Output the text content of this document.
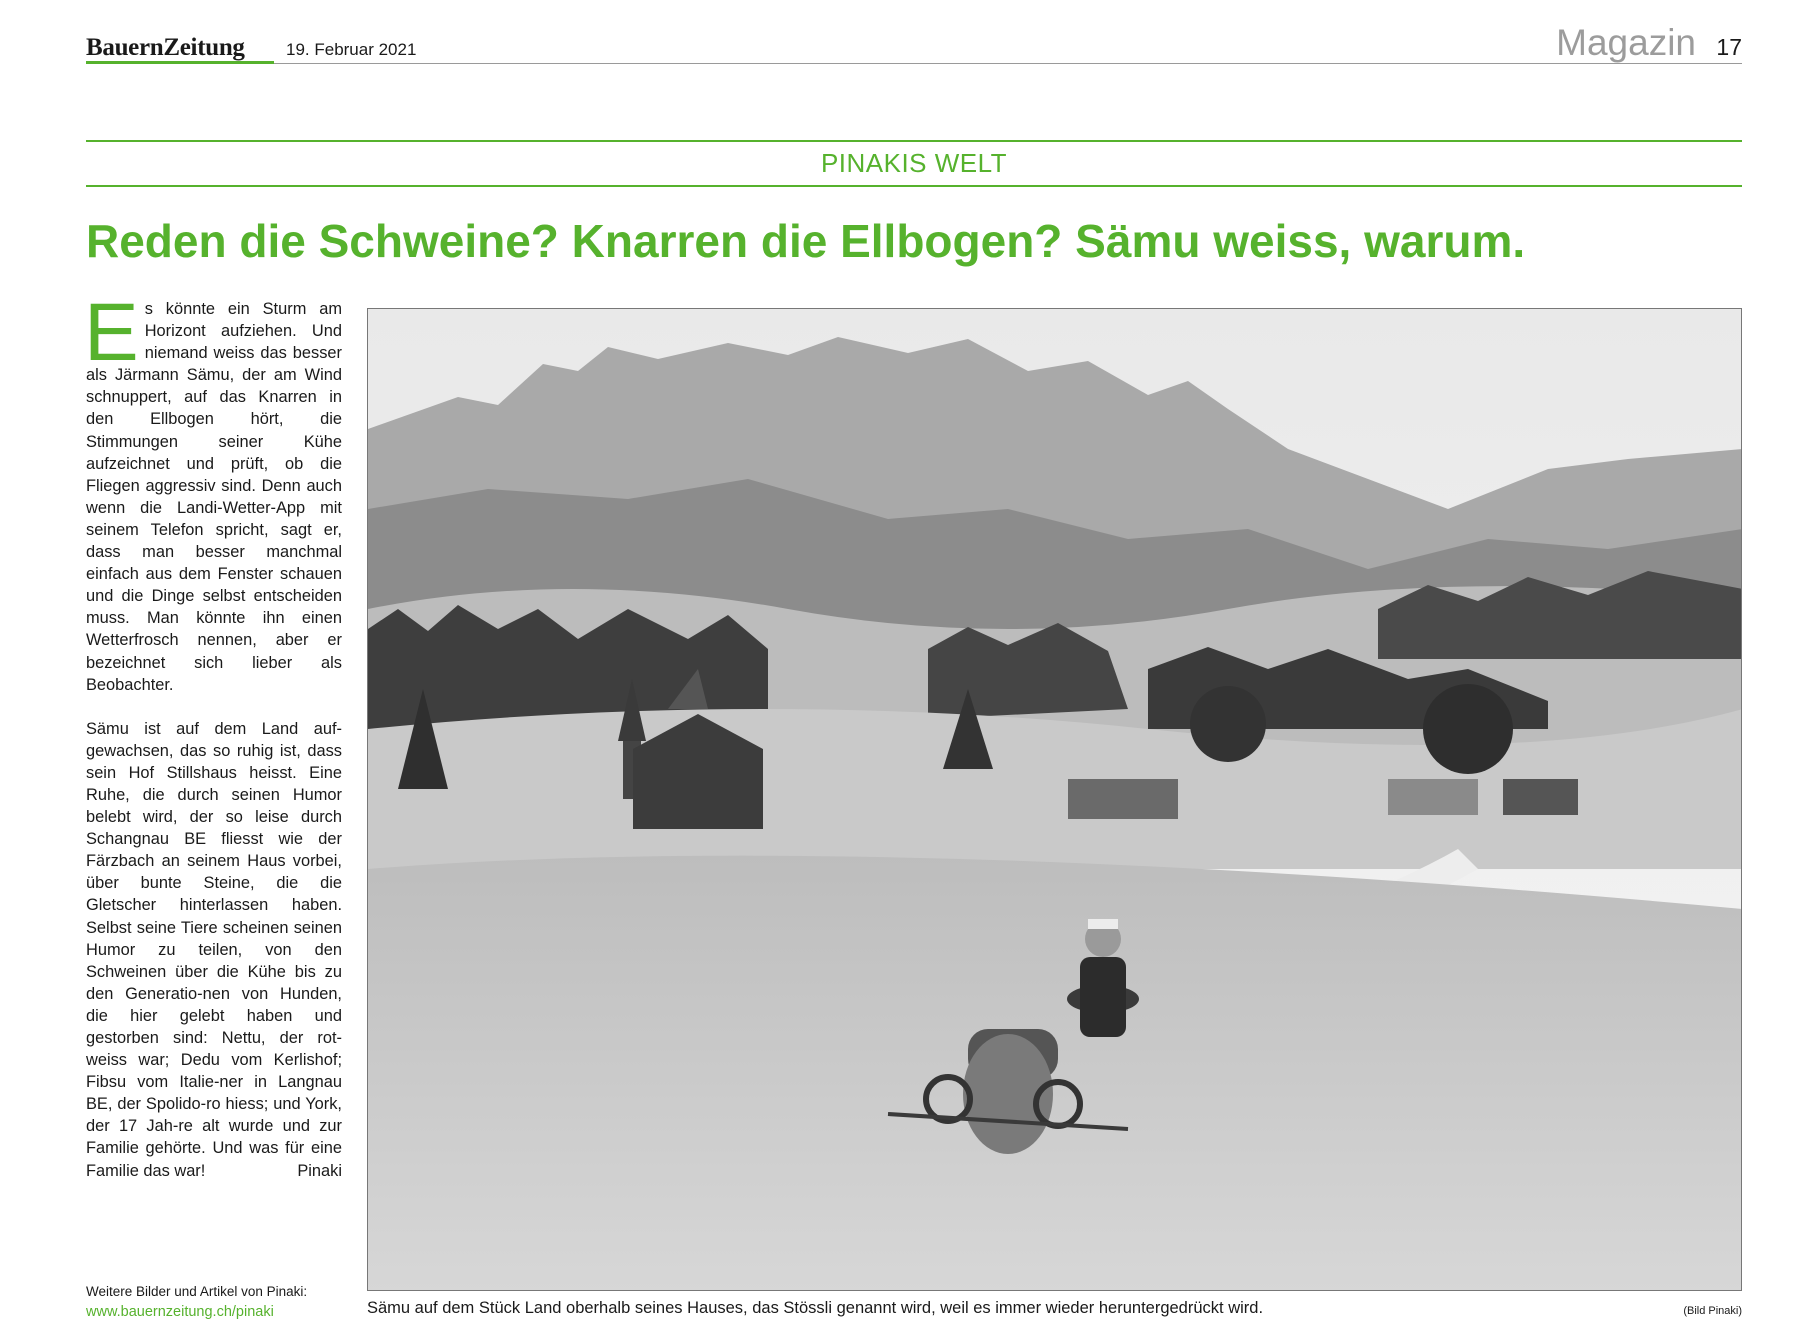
BauernZeitung 19. Februar 2021	Magazin 17
PINAKIS WELT
Reden die Schweine? Knarren die Ellbogen? Sämu weiss, warum.

Es könnte ein Sturm am Horizont aufziehen. Und niemand weiss das besser als Järmann Sämu, der am Wind schnuppert, auf das Knarren in den Ellbogen hört, die Stimmungen seiner Kühe aufzeichnet und prüft, ob die Fliegen aggressiv sind. Denn auch wenn die Landi-Wetter-App mit seinem Telefon spricht, sagt er, dass man besser manchmal einfach aus dem Fenster schauen und die Dinge selbst entscheiden muss. Man könnte ihn einen Wetterfrosch nennen, aber er bezeichnet sich lieber als Beobachter.

Sämu ist auf dem Land auf-gewachsen, das so ruhig ist, dass sein Hof Stillshaus heisst. Eine Ruhe, die durch seinen Humor belebt wird, der so leise durch Schangnau BE fliesst wie der Färzbach an seinem Haus vorbei, über bunte Steine, die die Gletscher hinterlassen haben. Selbst seine Tiere scheinen seinen Humor zu teilen, von den Schweinen über die Kühe bis zu den Generatio-nen von Hunden, die hier gelebt haben und gestorben sind: Nettu, der rot-weiss war; Dedu vom Kerlishof; Fibsu vom Italie-ner in Langnau BE, der Spolido-ro hiess; und York, der 17 Jah-re alt wurde und zur Familie gehörte. Und was für eine Familie das war!	Pinaki

Weitere Bilder und Artikel von Pinaki:
www.bauernzeitung.ch/pinaki	Sämu auf dem Stück Land oberhalb seines Hauses, das Stössli genannt wird, weil es immer wieder heruntergedrückt wird.	(Bild Pinaki)
